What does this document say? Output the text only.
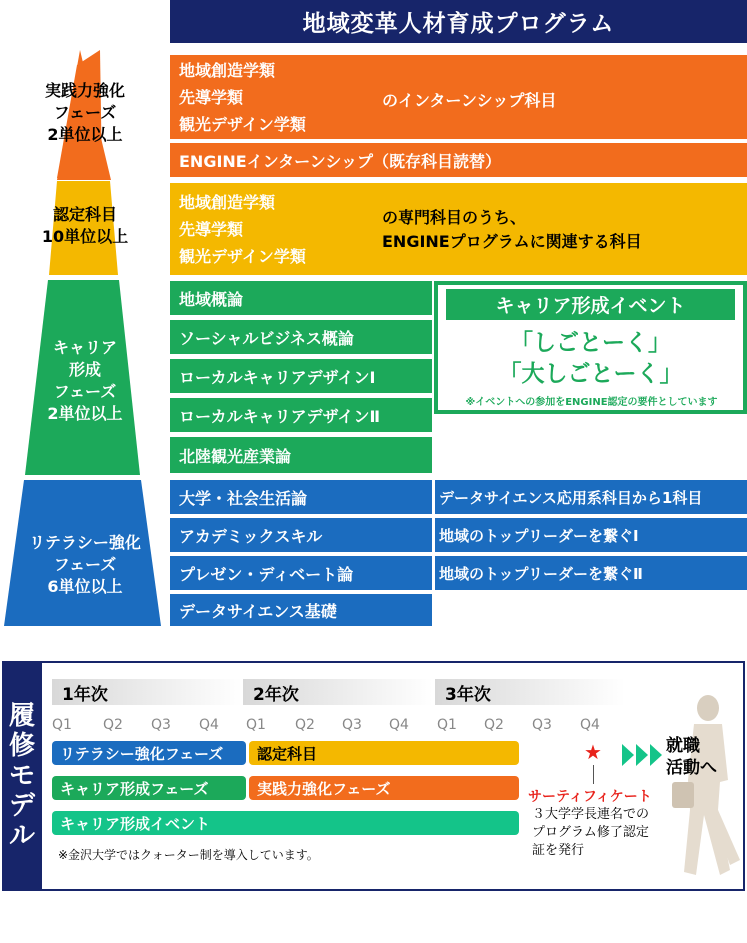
地域変革人材育成プログラム
実践力強化
フェーズ
2単位以上
認定科目
10単位以上
キャリア
形成
フェーズ
2単位以上
リテラシー強化
フェーズ
6単位以上
地域創造学類
先導学類
観光デザイン学類
のインターンシップ科目
ENGINEインターンシップ（既存科目読替）
地域創造学類
先導学類
観光デザイン学類
の専門科目のうち、
ENGINEプログラムに関連する科目
地域概論
ソーシャルビジネス概論
ローカルキャリアデザインⅠ
ローカルキャリアデザインⅡ
北陸観光産業論
キャリア形成イベント
「しごとーく」
「大しごとーく」
※イベントへの参加をENGINE認定の要件としています
大学・社会生活論
アカデミックスキル
プレゼン・ディベート論
データサイエンス基礎
データサイエンス応用系科目から1科目
地域のトップリーダーを繋ぐⅠ
地域のトップリーダーを繋ぐⅡ
履
修
モ
デ
ル
1年次	2年次	3年次
Q1	Q2	Q3	Q4	Q1	Q2	Q3	Q4	Q1	Q2	Q3	Q4
リテラシー強化フェーズ	認定科目
キャリア形成フェーズ	実践力強化フェーズ
キャリア形成イベント
※金沢大学ではクォーター制を導入しています。
★
サーティフィケート
３大学学長連名での
プログラム修了認定
証を発行
就職
活動へ
